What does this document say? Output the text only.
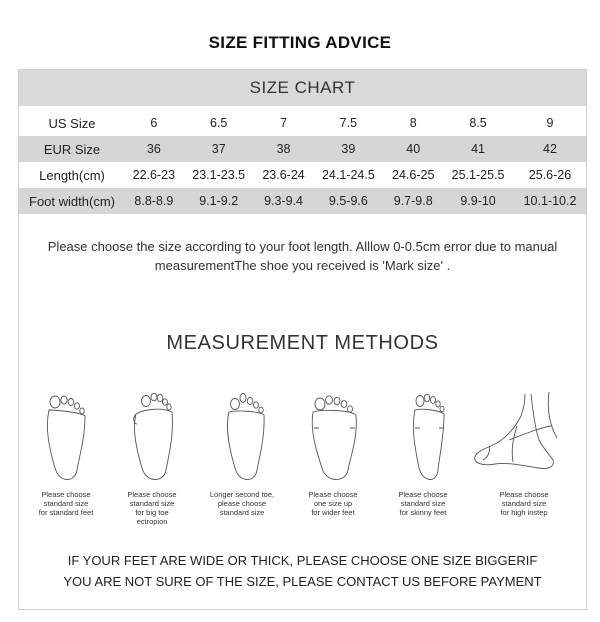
SIZE FITTING ADVICE
SIZE CHART
US Size	6	6.5	7	7.5	8	8.5	9
EUR Size	36	37	38	39	40	41	42
Length(cm)	22.6-23	23.1-23.5	23.6-24	24.1-24.5	24.6-25	25.1-25.5	25.6-26
Foot width(cm)	8.8-8.9	9.1-9.2	9.3-9.4	9.5-9.6	9.7-9.8	9.9-10	10.1-10.2
Please choose the size according to your foot length. Alllow 0-0.5cm error due to manual
measurementThe shoe you received is 'Mark size' .
MEASUREMENT METHODS
Please choose
standard size
for standard feet
Please choose
standard size
for big toe
ectropion
Longer second toe,
please choose
standard size
Please choose
one size up
for wider feet
Please choose
standard size
for skinny feet
Please choose
standard size
for high instep
IF YOUR FEET ARE WIDE OR THICK, PLEASE CHOOSE ONE SIZE BIGGERIF
YOU ARE NOT SURE OF THE SIZE, PLEASE CONTACT US BEFORE PAYMENT
